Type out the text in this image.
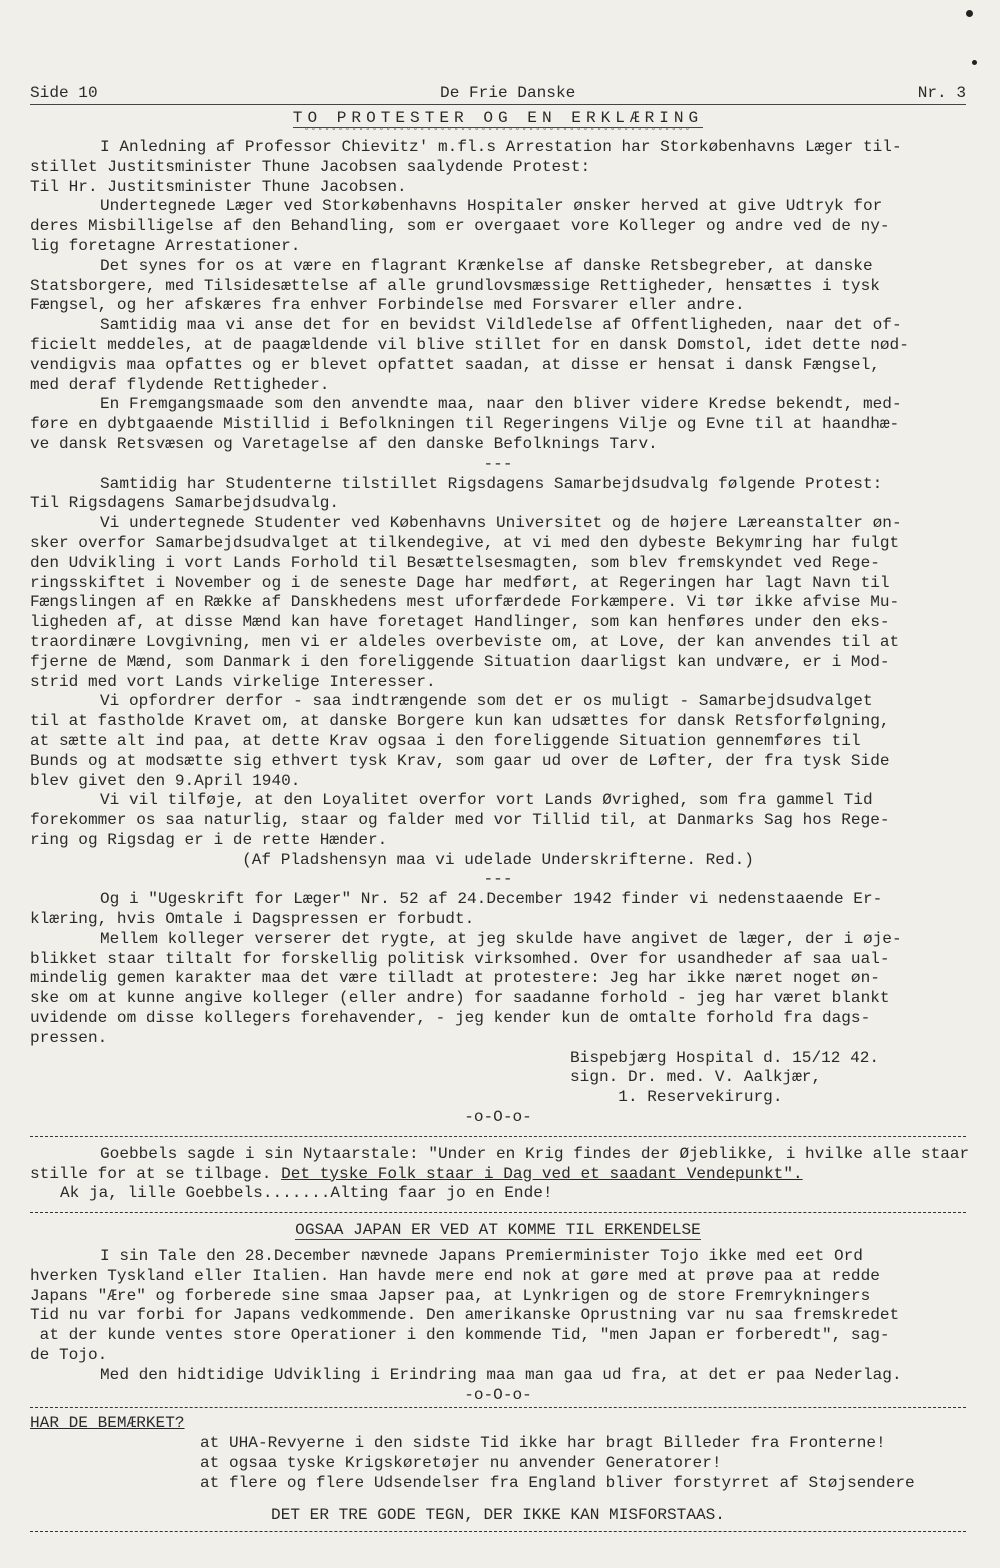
Side 10	De Frie Danske	Nr. 3
TO PROTESTER OG EN ERKLÆRING
°°°°°°°°°°°°°°°°°°°°°°°°°°°°°°°°°°°°°°°°°°°°°°°°°°°°°°°°°
I Anledning af Professor Chievitz' m.fl.s Arrestation har Storkøbenhavns Læger til-
stillet Justitsminister Thune Jacobsen saalydende Protest:
Til Hr. Justitsminister Thune Jacobsen.
Undertegnede Læger ved Storkøbenhavns Hospitaler ønsker herved at give Udtryk for
deres Misbilligelse af den Behandling, som er overgaaet vore Kolleger og andre ved de ny-
lig foretagne Arrestationer.
Det synes for os at være en flagrant Krænkelse af danske Retsbegreber, at danske
Statsborgere, med Tilsidesættelse af alle grundlovsmæssige Rettigheder, hensættes i tysk
Fængsel, og her afskæres fra enhver Forbindelse med Forsvarer eller andre.
Samtidig maa vi anse det for en bevidst Vildledelse af Offentligheden, naar det of-
ficielt meddeles, at de paagældende vil blive stillet for en dansk Domstol, idet dette nød-
vendigvis maa opfattes og er blevet opfattet saadan, at disse er hensat i dansk Fængsel,
med deraf flydende Rettigheder.
En Fremgangsmaade som den anvendte maa, naar den bliver videre Kredse bekendt, med-
føre en dybtgaaende Mistillid i Befolkningen til Regeringens Vilje og Evne til at haandhæ-
ve dansk Retsvæsen og Varetagelse af den danske Befolknings Tarv.
---
Samtidig har Studenterne tilstillet Rigsdagens Samarbejdsudvalg følgende Protest:
Til Rigsdagens Samarbejdsudvalg.
Vi undertegnede Studenter ved Københavns Universitet og de højere Læreanstalter øn-
sker overfor Samarbejdsudvalget at tilkendegive, at vi med den dybeste Bekymring har fulgt
den Udvikling i vort Lands Forhold til Besættelsesmagten, som blev fremskyndet ved Rege-
ringsskiftet i November og i de seneste Dage har medført, at Regeringen har lagt Navn til
Fængslingen af en Række af Danskhedens mest uforfærdede Forkæmpere. Vi tør ikke afvise Mu-
ligheden af, at disse Mænd kan have foretaget Handlinger, som kan henføres under den eks-
traordinære Lovgivning, men vi er aldeles overbeviste om, at Love, der kan anvendes til at
fjerne de Mænd, som Danmark i den foreliggende Situation daarligst kan undvære, er i Mod-
strid med vort Lands virkelige Interesser.
Vi opfordrer derfor - saa indtrængende som det er os muligt - Samarbejdsudvalget
til at fastholde Kravet om, at danske Borgere kun kan udsættes for dansk Retsforfølgning,
at sætte alt ind paa, at dette Krav ogsaa i den foreliggende Situation gennemføres til
Bunds og at modsætte sig ethvert tysk Krav, som gaar ud over de Løfter, der fra tysk Side
blev givet den 9.April 1940.
Vi vil tilføje, at den Loyalitet overfor vort Lands Øvrighed, som fra gammel Tid
forekommer os saa naturlig, staar og falder med vor Tillid til, at Danmarks Sag hos Rege-
ring og Rigsdag er i de rette Hænder.
(Af Pladshensyn maa vi udelade Underskrifterne. Red.)
---
Og i "Ugeskrift for Læger" Nr. 52 af 24.December 1942 finder vi nedenstaaende Er-
klæring, hvis Omtale i Dagspressen er forbudt.
Mellem kolleger verserer det rygte, at jeg skulde have angivet de læger, der i øje-
blikket staar tiltalt for forskellig politisk virksomhed. Over for usandheder af saa ual-
mindelig gemen karakter maa det være tilladt at protestere: Jeg har ikke næret noget øn-
ske om at kunne angive kolleger (eller andre) for saadanne forhold - jeg har været blankt
uvidende om disse kollegers forehavender, - jeg kender kun de omtalte forhold fra dags-
pressen.
Bispebjærg Hospital d. 15/12 42.
sign. Dr. med. V. Aalkjær,
1. Reservekirurg.
-o-O-o-
Goebbels sagde i sin Nytaarstale: "Under en Krig findes der Øjeblikke, i hvilke alle staar
stille for at se tilbage. Det tyske Folk staar i Dag ved et saadant Vendepunkt".
Ak ja, lille Goebbels.......Alting faar jo en Ende!
OGSAA JAPAN ER VED AT KOMME TIL ERKENDELSE
I sin Tale den 28.December nævnede Japans Premierminister Tojo ikke med eet Ord
hverken Tyskland eller Italien. Han havde mere end nok at gøre med at prøve paa at redde
Japans "Ære" og forberede sine smaa Japser paa, at Lynkrigen og de store Fremrykningers
Tid nu var forbi for Japans vedkommende. Den amerikanske Oprustning var nu saa fremskredet
at der kunde ventes store Operationer i den kommende Tid, "men Japan er forberedt", sag-
de Tojo.
Med den hidtidige Udvikling i Erindring maa man gaa ud fra, at det er paa Nederlag.
-o-O-o-
HAR DE BEMÆRKET?
at UHA-Revyerne i den sidste Tid ikke har bragt Billeder fra Fronterne!
at ogsaa tyske Krigskøretøjer nu anvender Generatorer!
at flere og flere Udsendelser fra England bliver forstyrret af Støjsendere
DET ER TRE GODE TEGN, DER IKKE KAN MISFORSTAAS.
